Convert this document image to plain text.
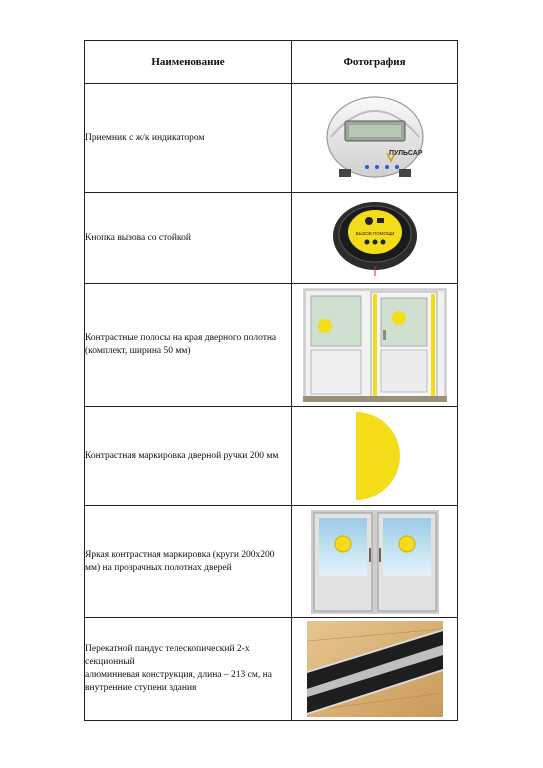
Наименование	Фотография
Приемник с ж/к индикатором	ПУЛЬСАР

Кнопка вызова со стойкой	ВЫЗОВ ПОМОЩИ

Контрастные полосы на края дверного полотна (комплект, ширина 50 мм)	

Контрастная маркировка дверной ручки 200 мм	

Яркая контрастная маркировка (круги 200х200 мм) на прозрачных полотнах дверей	

Перекатной пандус телескопический 2-х секционный
алюминиевая конструкция, длина – 213 см, на внутренние ступени здания
